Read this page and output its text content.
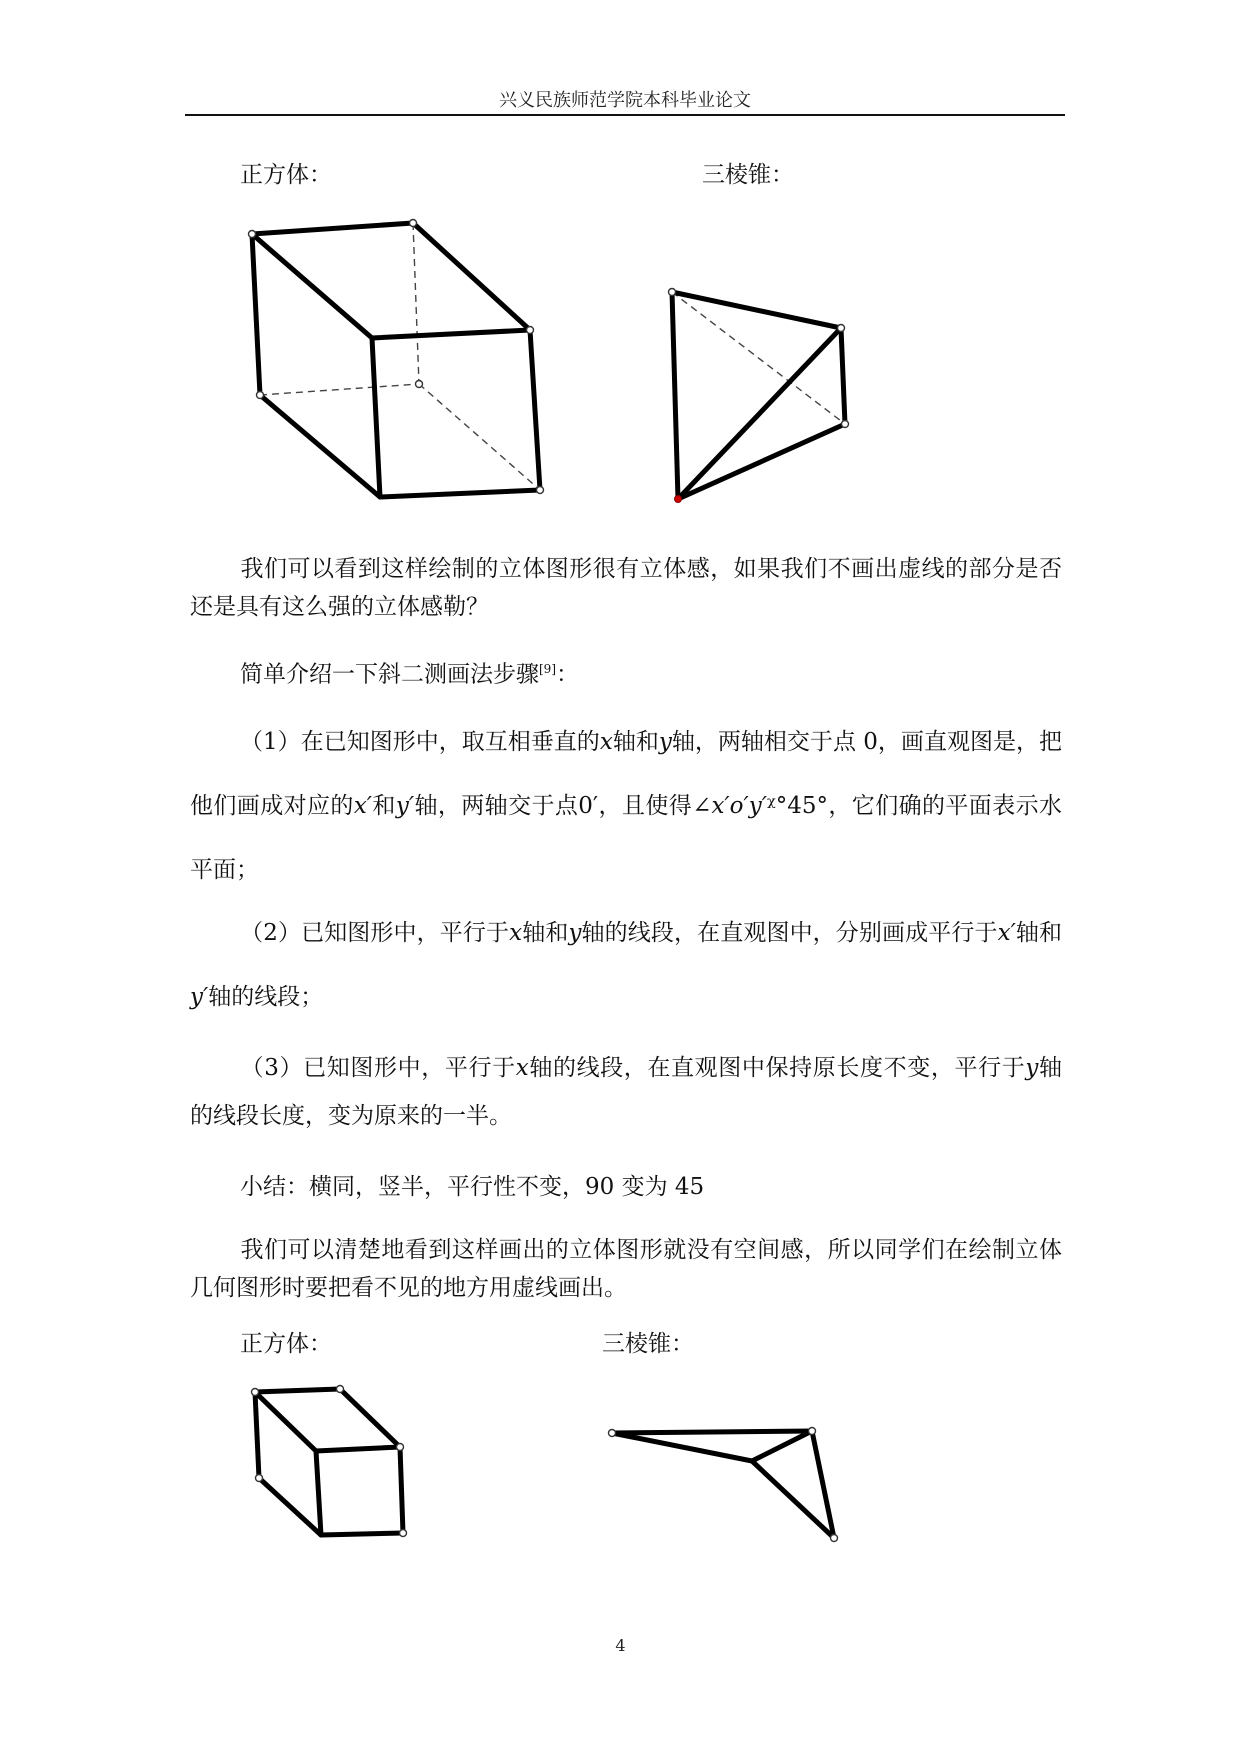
兴义民族师范学院本科毕业论文
正方体：	三棱锥：
我们可以看到这样绘制的立体图形很有立体感，如果我们不画出虚线的部分是否还是具有这么强的立体感勒？
简单介绍一下斜二测画法步骤[9]：
（1）在已知图形中，取互相垂直的x轴和y轴，两轴相交于点 0，画直观图是，把他们画成对应的x′和y′轴，两轴交于点0′，且使得∠x′o′y′ᵡ°45°，它们确的平面表示水平面；
（2）已知图形中，平行于x轴和y轴的线段，在直观图中，分别画成平行于x′轴和y′轴的线段；
（3）已知图形中，平行于x轴的线段，在直观图中保持原长度不变，平行于y轴的线段长度，变为原来的一半。
小结：横同，竖半，平行性不变，90 变为 45
我们可以清楚地看到这样画出的立体图形就没有空间感，所以同学们在绘制立体几何图形时要把看不见的地方用虚线画出。
正方体：	三棱锥：
4
